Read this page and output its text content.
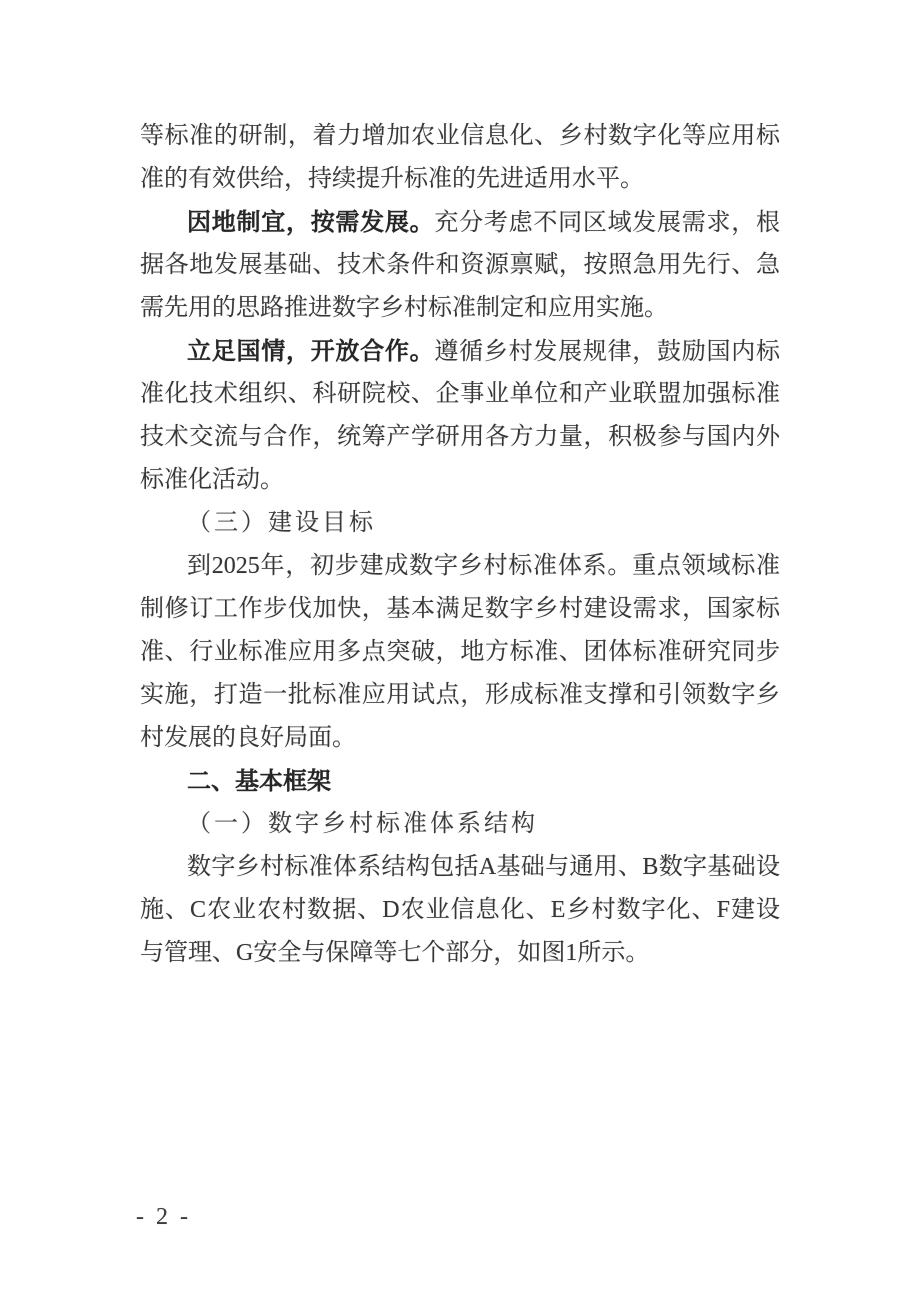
等标准的研制，着力增加农业信息化、乡村数字化等应用标
准的有效供给，持续提升标准的先进适用水平。
因地制宜，按需发展。充分考虑不同区域发展需求，根
据各地发展基础、技术条件和资源禀赋，按照急用先行、急
需先用的思路推进数字乡村标准制定和应用实施。
立足国情，开放合作。遵循乡村发展规律，鼓励国内标
准化技术组织、科研院校、企事业单位和产业联盟加强标准
技术交流与合作，统筹产学研用各方力量，积极参与国内外
标准化活动。
（三）建设目标
到2025年，初步建成数字乡村标准体系。重点领域标准
制修订工作步伐加快，基本满足数字乡村建设需求，国家标
准、行业标准应用多点突破，地方标准、团体标准研究同步
实施，打造一批标准应用试点，形成标准支撑和引领数字乡
村发展的良好局面。
二、基本框架
（一）数字乡村标准体系结构
数字乡村标准体系结构包括A基础与通用、B数字基础设
施、C农业农村数据、D农业信息化、E乡村数字化、F建设
与管理、G安全与保障等七个部分，如图1所示。
- 2 -
